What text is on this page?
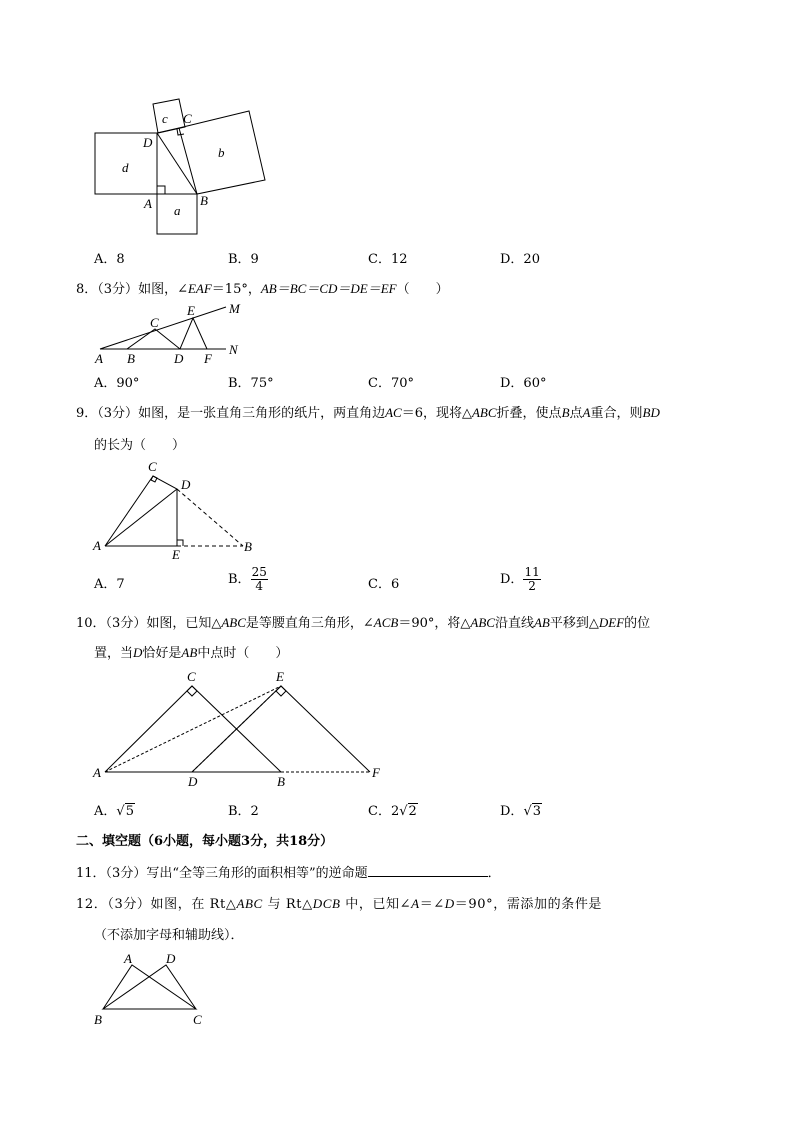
c C
D
d
b
A a
B
A．8	B．9	C．12	D．20
8．（3分）如图，∠EAF＝15°，AB＝BC＝CD＝DE＝EF（　　）
M
N
A B
C
D
E
F
A．90°	B．75°	C．70°	D．60°
9．（3分）如图，是一张直角三角形的纸片，两直角边AC＝6，现将△ABC折叠，使点B点A重合，则BD
的长为（　　）
C
D
A
E
B
A．7	B． $\frac{25}{4}$	C．6	D． $\frac{11}{2}$
10．（3分）如图，已知△ABC是等腰直角三角形，∠ACB＝90°，将△ABC沿直线AB平移到△DEF的位
置，当D恰好是AB中点时（　　）
C	E
A
D	B
F
A．√5	B．2	C．2√2	D．√3
二、填空题（6小题，每小题3分，共18分）
11．（3分）写出“全等三角形的面积相等”的逆命题	．
12．（3分）如图，在 Rt△ABC 与 Rt△DCB 中，已知∠A＝∠D＝90°，需添加的条件是
（不添加字母和辅助线）．
A	D
B	C
